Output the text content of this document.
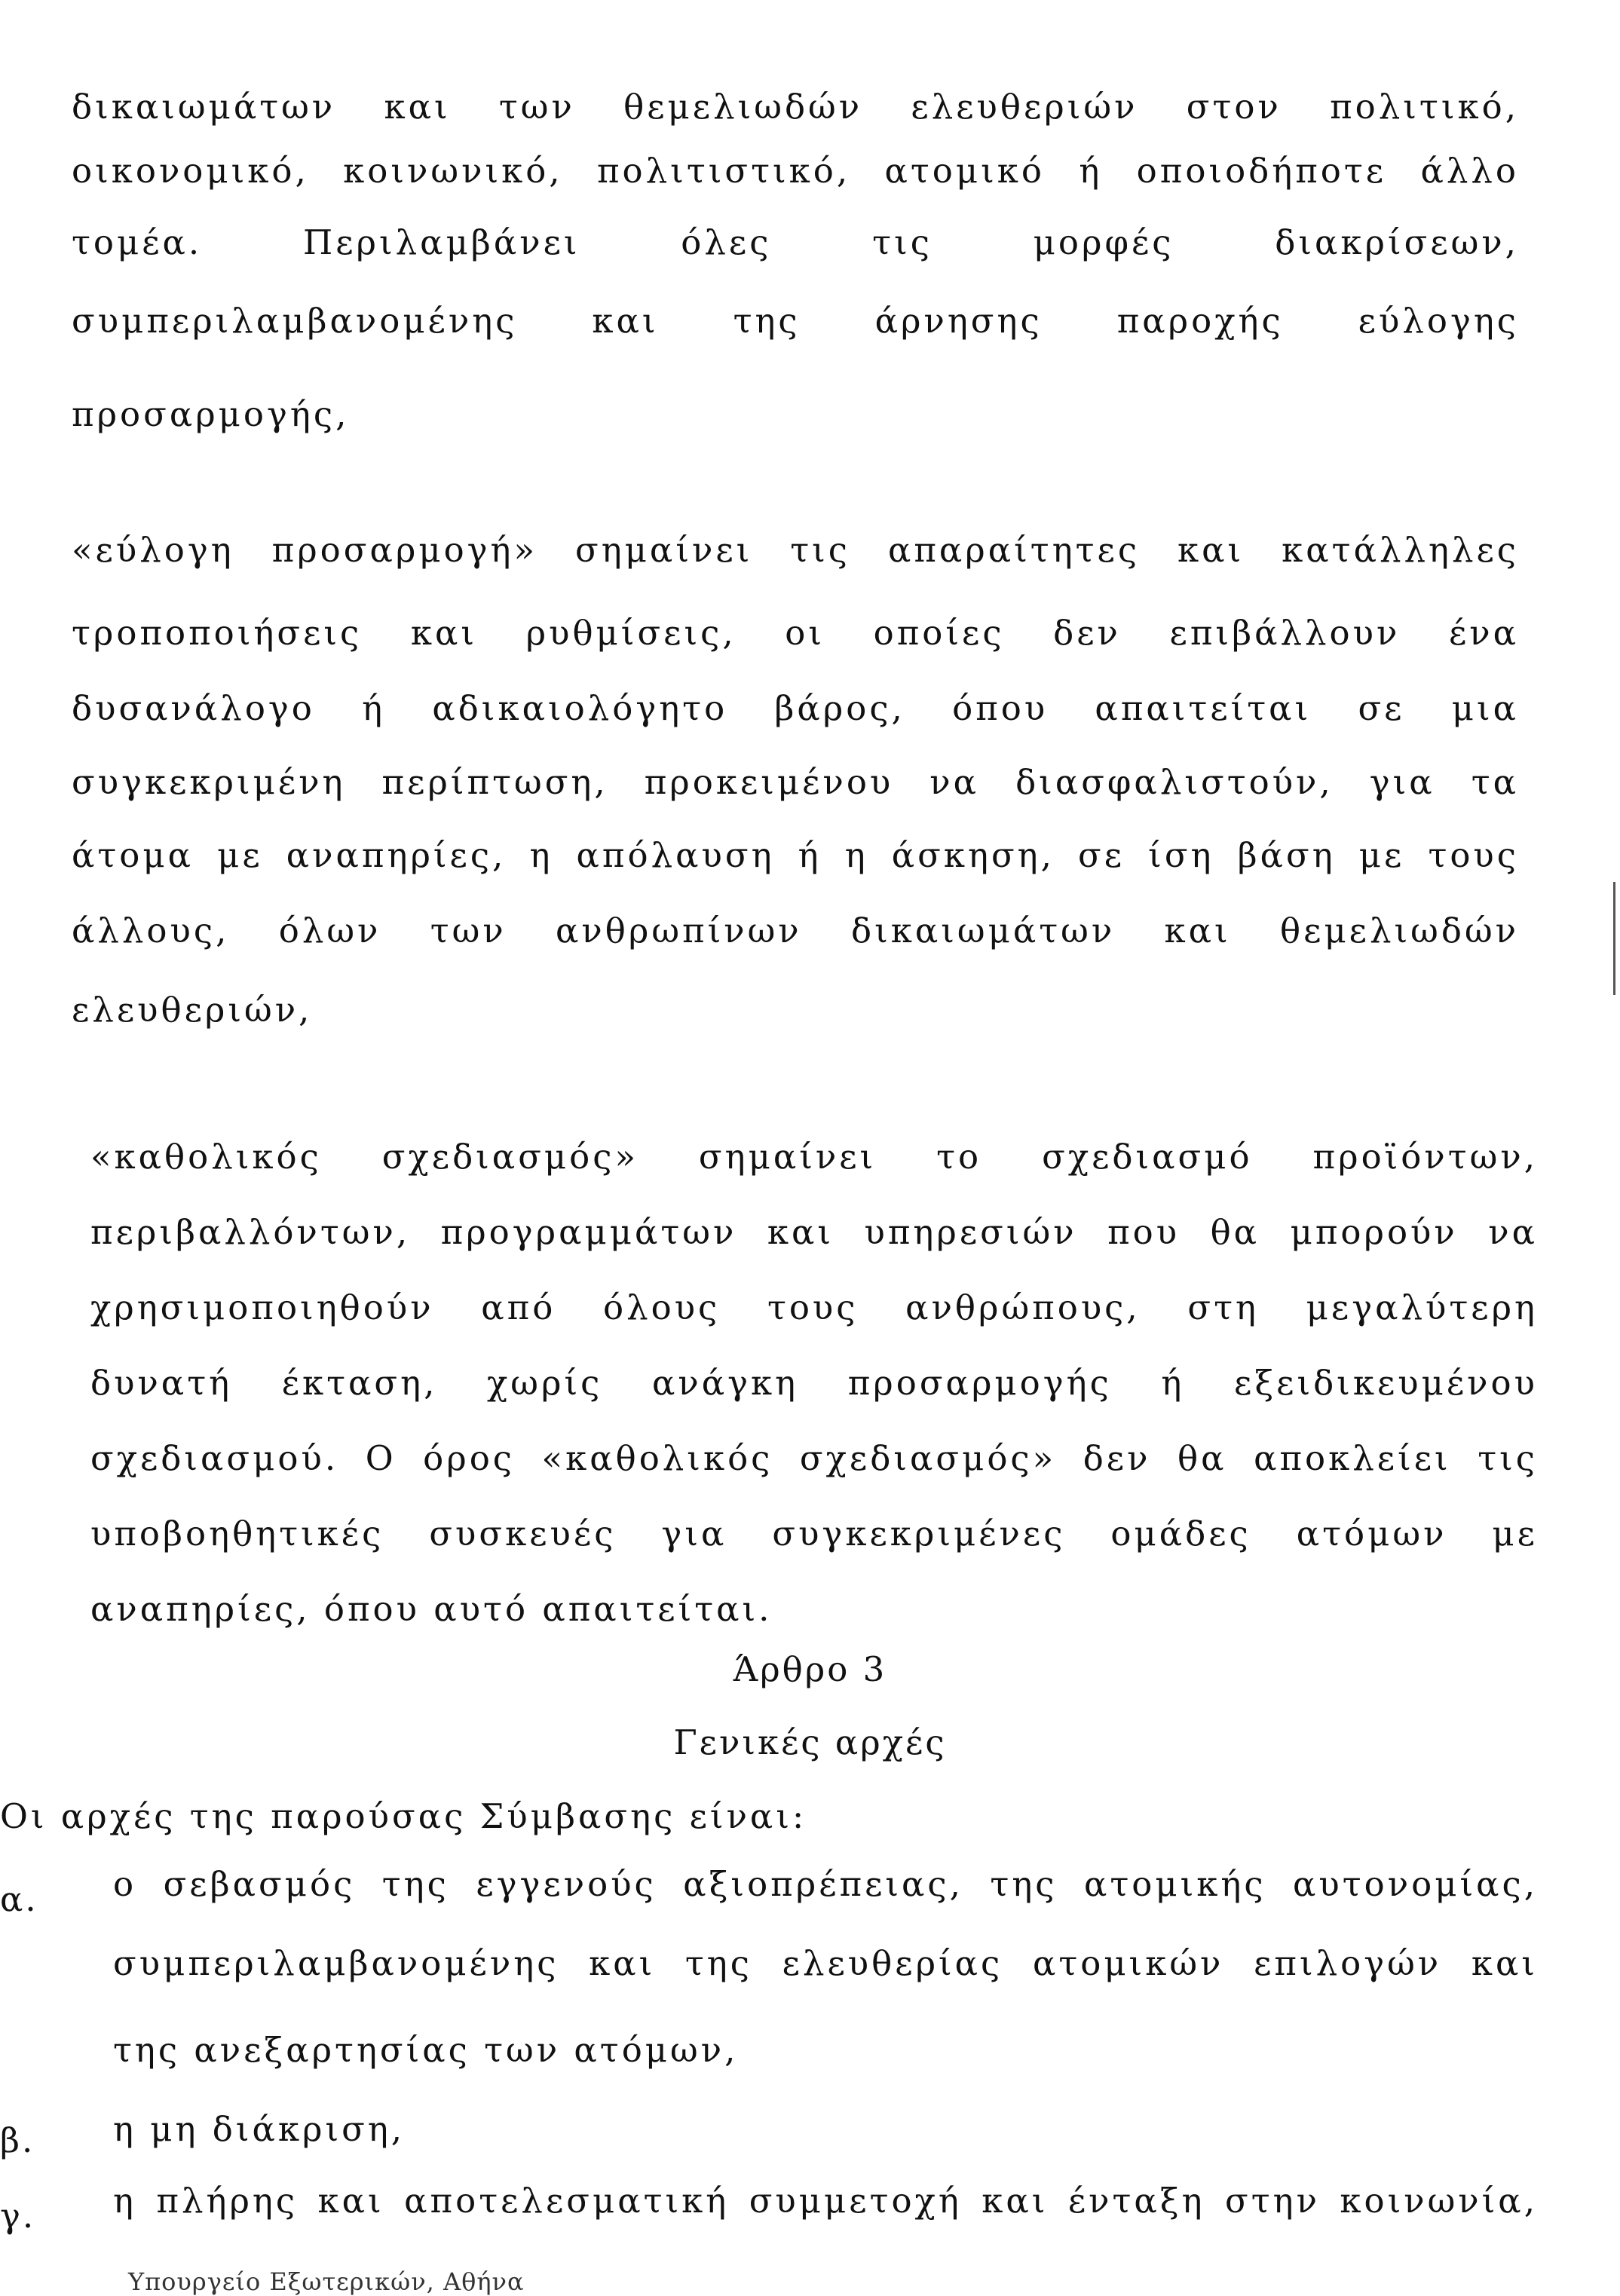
δικαιωμάτων και των θεμελιωδών ελευθεριών στον πολιτικό,
οικονομικό, κοινωνικό, πολιτιστικό, ατομικό ή οποιοδήποτε άλλο
τομέα. Περιλαμβάνει όλες τις μορφές διακρίσεων,
συμπεριλαμβανομένης και της άρνησης παροχής εύλογης
προσαρμογής,
«εύλογη προσαρμογή» σημαίνει τις απαραίτητες και κατάλληλες
τροποποιήσεις και ρυθμίσεις, οι οποίες δεν επιβάλλουν ένα
δυσανάλογο ή αδικαιολόγητο βάρος, όπου απαιτείται σε μια
συγκεκριμένη περίπτωση, προκειμένου να διασφαλιστούν, για τα
άτομα με αναπηρίες, η απόλαυση ή η άσκηση, σε ίση βάση με τους
άλλους, όλων των ανθρωπίνων δικαιωμάτων και θεμελιωδών
ελευθεριών,
«καθολικός σχεδιασμός» σημαίνει το σχεδιασμό προϊόντων,
περιβαλλόντων, προγραμμάτων και υπηρεσιών που θα μπορούν να
χρησιμοποιηθούν από όλους τους ανθρώπους, στη μεγαλύτερη
δυνατή έκταση, χωρίς ανάγκη προσαρμογής ή εξειδικευμένου
σχεδιασμού. Ο όρος «καθολικός σχεδιασμός» δεν θα αποκλείει τις
υποβοηθητικές συσκευές για συγκεκριμένες ομάδες ατόμων με
αναπηρίες, όπου αυτό απαιτείται.
Άρθρο 3
Γενικές αρχές
Οι αρχές της παρούσας Σύμβασης είναι:
α. ο σεβασμός της εγγενούς αξιοπρέπειας, της ατομικής αυτονομίας,
συμπεριλαμβανομένης και της ελευθερίας ατομικών επιλογών και
της ανεξαρτησίας των ατόμων,
β. η μη διάκριση,
γ. η πλήρης και αποτελεσματική συμμετοχή και ένταξη στην κοινωνία,
Υπουργείο Εξωτερικών, Αθήνα
